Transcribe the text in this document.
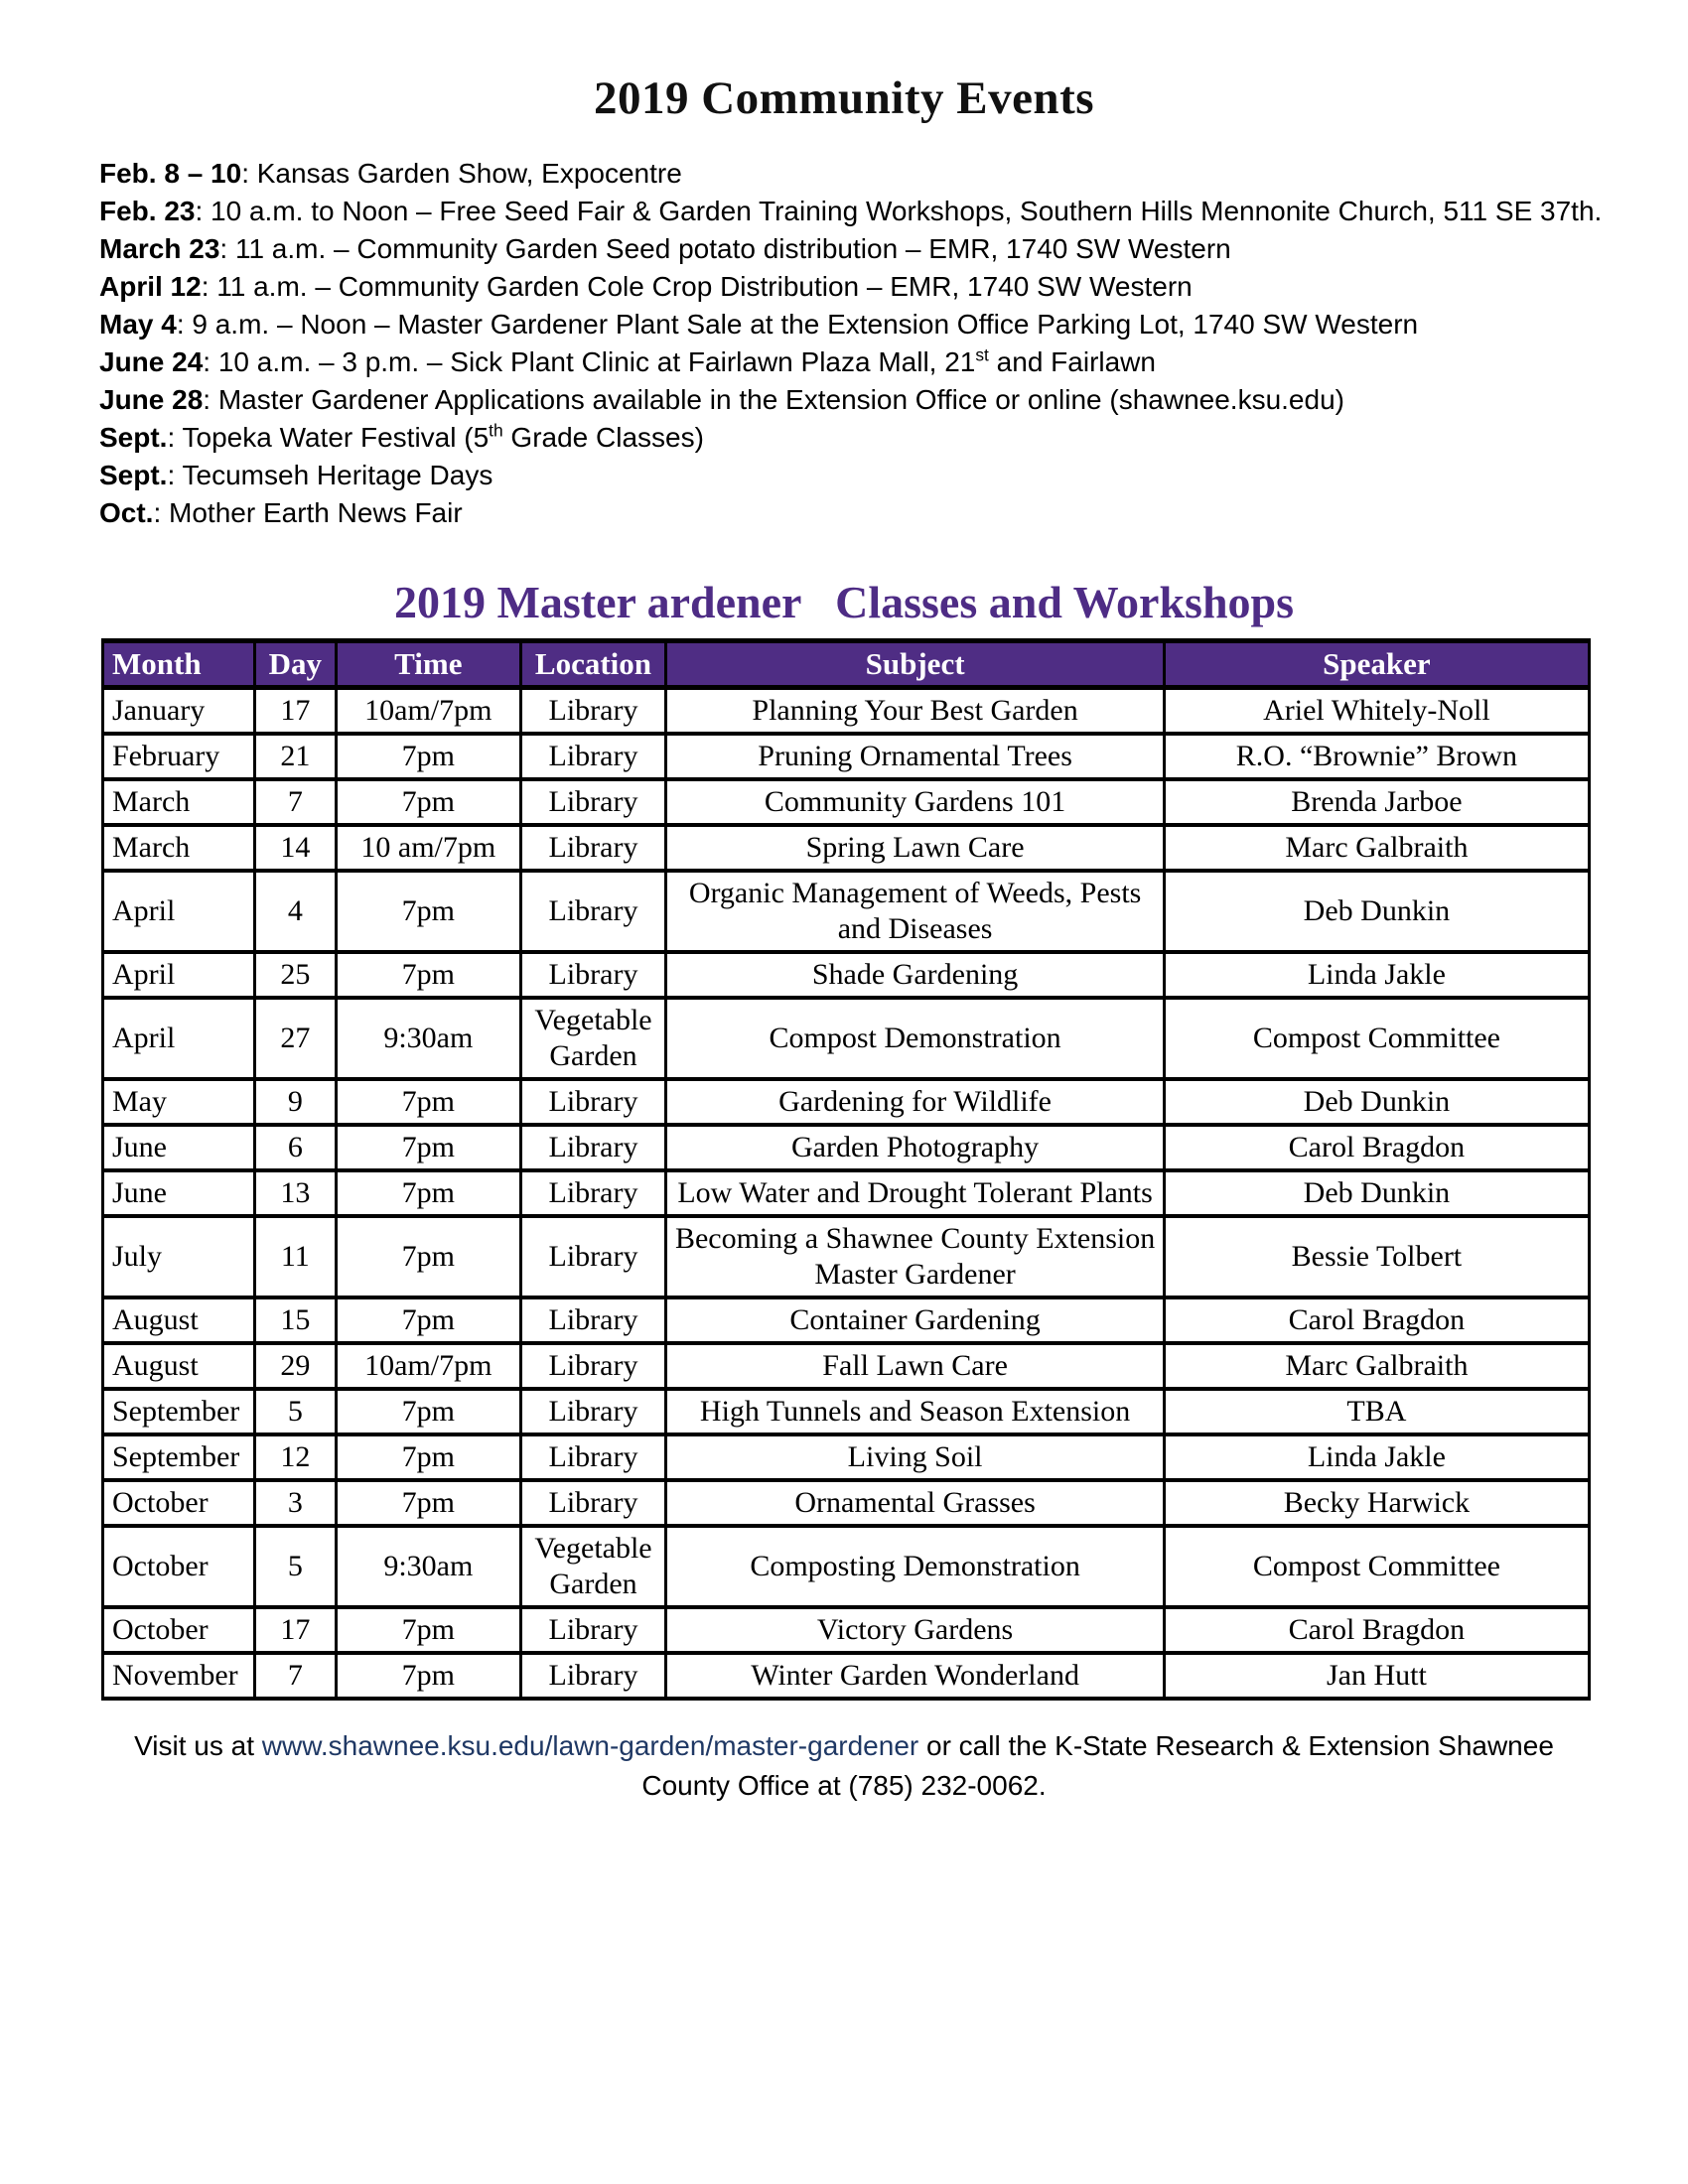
2019 Community Events
Feb. 8 – 10: Kansas Garden Show, Expocentre
Feb. 23: 10 a.m. to Noon – Free Seed Fair & Garden Training Workshops, Southern Hills Mennonite Church, 511 SE 37th.
March 23: 11 a.m. – Community Garden Seed potato distribution – EMR, 1740 SW Western
April 12: 11 a.m. – Community Garden Cole Crop Distribution – EMR, 1740 SW Western
May 4: 9 a.m. – Noon – Master Gardener Plant Sale at the Extension Office Parking Lot, 1740 SW Western
June 24: 10 a.m. – 3 p.m. – Sick Plant Clinic at Fairlawn Plaza Mall, 21st and Fairlawn
June 28: Master Gardener Applications available in the Extension Office or online (shawnee.ksu.edu)
Sept.: Topeka Water Festival (5th Grade Classes)
Sept.: Tecumseh Heritage Days
Oct.: Mother Earth News Fair
2019 Master ardener   Classes and Workshops
Month	Day	Time	Location	Subject	Speaker
January	17	10am/7pm	Library	Planning Your Best Garden	Ariel Whitely-Noll
February	21	7pm	Library	Pruning Ornamental Trees	R.O. “Brownie” Brown
March	7	7pm	Library	Community Gardens 101	Brenda Jarboe
March	14	10 am/7pm	Library	Spring Lawn Care	Marc Galbraith
April	4	7pm	Library	Organic Management of Weeds, Pests and Diseases	Deb Dunkin
April	25	7pm	Library	Shade Gardening	Linda Jakle
April	27	9:30am	Vegetable Garden	Compost Demonstration	Compost Committee
May	9	7pm	Library	Gardening for Wildlife	Deb Dunkin
June	6	7pm	Library	Garden Photography	Carol Bragdon
June	13	7pm	Library	Low Water and Drought Tolerant Plants	Deb Dunkin
July	11	7pm	Library	Becoming a Shawnee County Extension Master Gardener	Bessie Tolbert
August	15	7pm	Library	Container Gardening	Carol Bragdon
August	29	10am/7pm	Library	Fall Lawn Care	Marc Galbraith
September	5	7pm	Library	High Tunnels and Season Extension	TBA
September	12	7pm	Library	Living Soil	Linda Jakle
October	3	7pm	Library	Ornamental Grasses	Becky Harwick
October	5	9:30am	Vegetable Garden	Composting Demonstration	Compost Committee
October	17	7pm	Library	Victory Gardens	Carol Bragdon
November	7	7pm	Library	Winter Garden Wonderland	Jan Hutt
Visit us at www.shawnee.ksu.edu/lawn-garden/master-gardener or call the K-State Research & Extension Shawnee County Office at (785) 232-0062.
